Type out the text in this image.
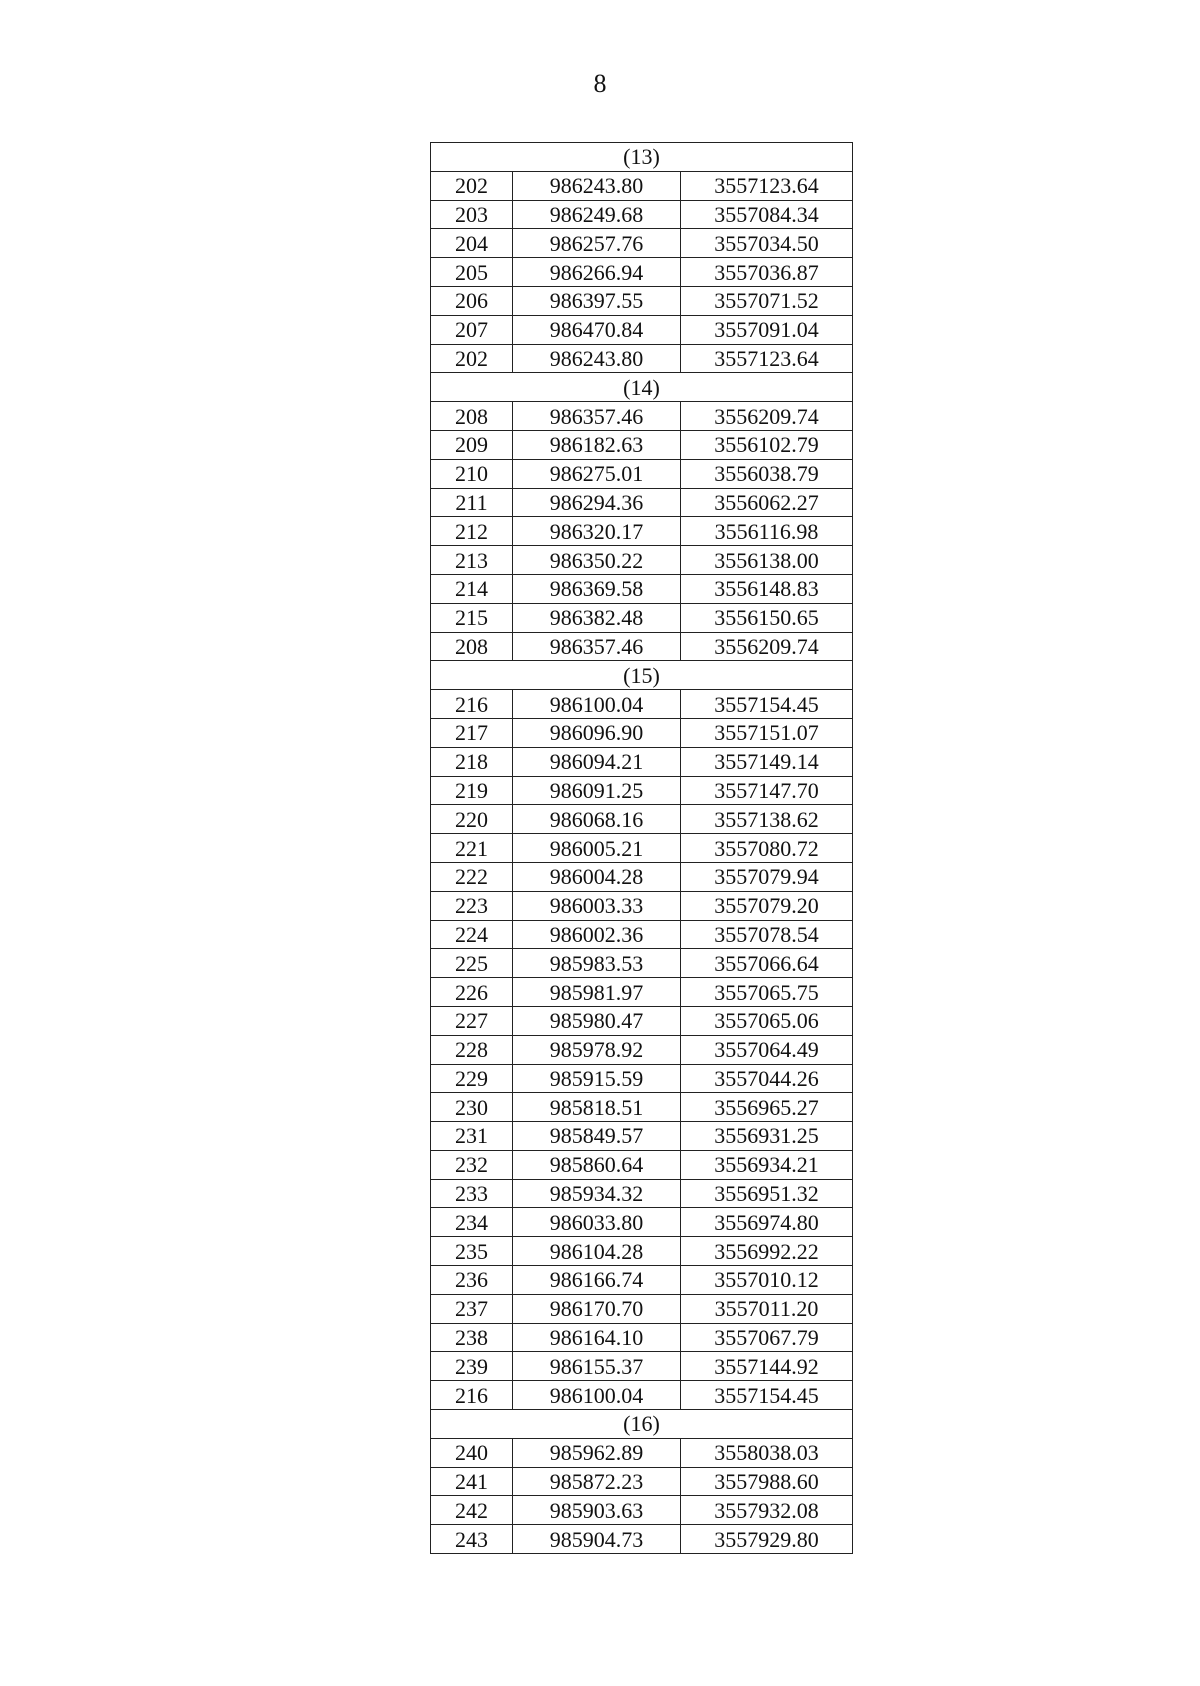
8
(13)		
202	986243.80	3557123.64
203	986249.68	3557084.34
204	986257.76	3557034.50
205	986266.94	3557036.87
206	986397.55	3557071.52
207	986470.84	3557091.04
202	986243.80	3557123.64
(14)		
208	986357.46	3556209.74
209	986182.63	3556102.79
210	986275.01	3556038.79
211	986294.36	3556062.27
212	986320.17	3556116.98
213	986350.22	3556138.00
214	986369.58	3556148.83
215	986382.48	3556150.65
208	986357.46	3556209.74
(15)		
216	986100.04	3557154.45
217	986096.90	3557151.07
218	986094.21	3557149.14
219	986091.25	3557147.70
220	986068.16	3557138.62
221	986005.21	3557080.72
222	986004.28	3557079.94
223	986003.33	3557079.20
224	986002.36	3557078.54
225	985983.53	3557066.64
226	985981.97	3557065.75
227	985980.47	3557065.06
228	985978.92	3557064.49
229	985915.59	3557044.26
230	985818.51	3556965.27
231	985849.57	3556931.25
232	985860.64	3556934.21
233	985934.32	3556951.32
234	986033.80	3556974.80
235	986104.28	3556992.22
236	986166.74	3557010.12
237	986170.70	3557011.20
238	986164.10	3557067.79
239	986155.37	3557144.92
216	986100.04	3557154.45
(16)		
240	985962.89	3558038.03
241	985872.23	3557988.60
242	985903.63	3557932.08
243	985904.73	3557929.80
